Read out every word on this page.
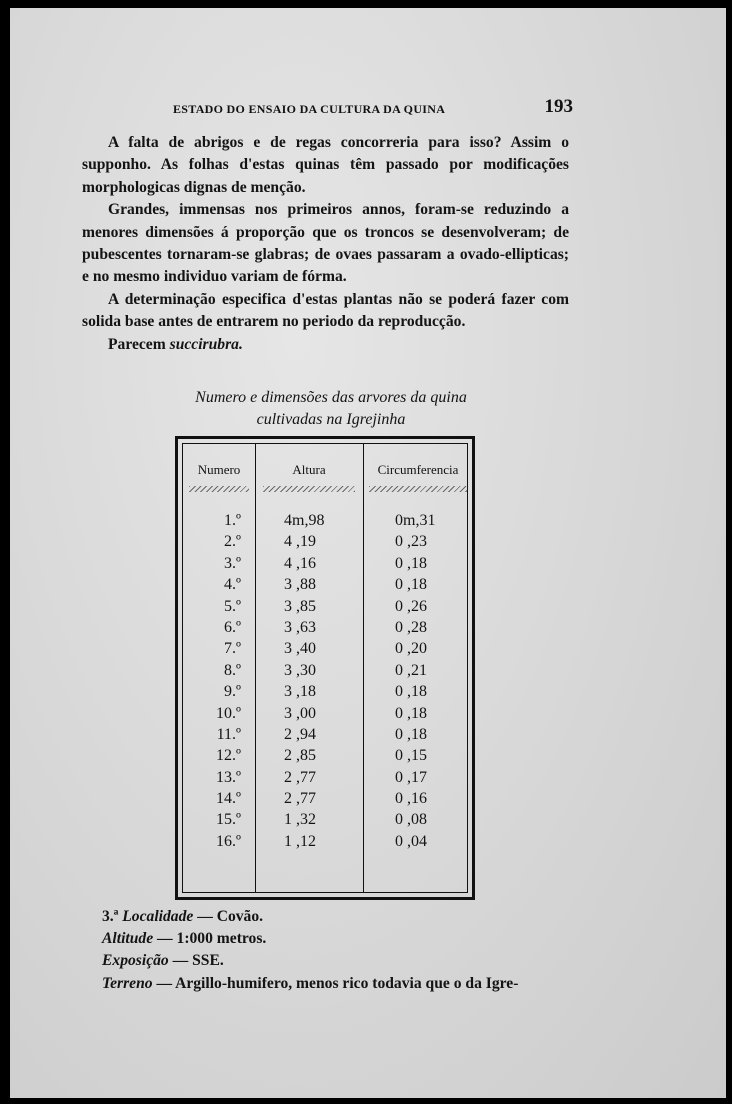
ESTADO DO ENSAIO DA CULTURA DA QUINA	193

A falta de abrigos e de regas concorreria para isso? Assim o supponho. As folhas d'estas quinas têm passado por modificações morphologicas dignas de menção.

Grandes, immensas nos primeiros annos, foram-se reduzindo a menores dimensões á proporção que os troncos se desenvolveram; de pubescentes tornaram-se glabras; de ovaes passaram a ovado-ellipticas; e no mesmo individuo variam de fórma.

A determinação especifica d'estas plantas não se poderá fazer com solida base antes de entrarem no periodo da reproducção.

Parecem succirubra.

Numero e dimensões das arvores da quina
cultivadas na Igrejinha
Numero	Altura	Circumferencia
1.º	4m,98	0m,31
2.º	4 ,19	0 ,23
3.º	4 ,16	0 ,18
4.º	3 ,88	0 ,18
5.º	3 ,85	0 ,26
6.º	3 ,63	0 ,28
7.º	3 ,40	0 ,20
8.º	3 ,30	0 ,21
9.º	3 ,18	0 ,18
10.º	3 ,00	0 ,18
11.º	2 ,94	0 ,18
12.º	2 ,85	0 ,15
13.º	2 ,77	0 ,17
14.º	2 ,77	0 ,16
15.º	1 ,32	0 ,08
16.º	1 ,12	0 ,04

3.ª Localidade — Covão.

Altitude — 1:000 metros.

Exposição — SSE.

Terreno — Argillo-humifero, menos rico todavia que o da Igre-
